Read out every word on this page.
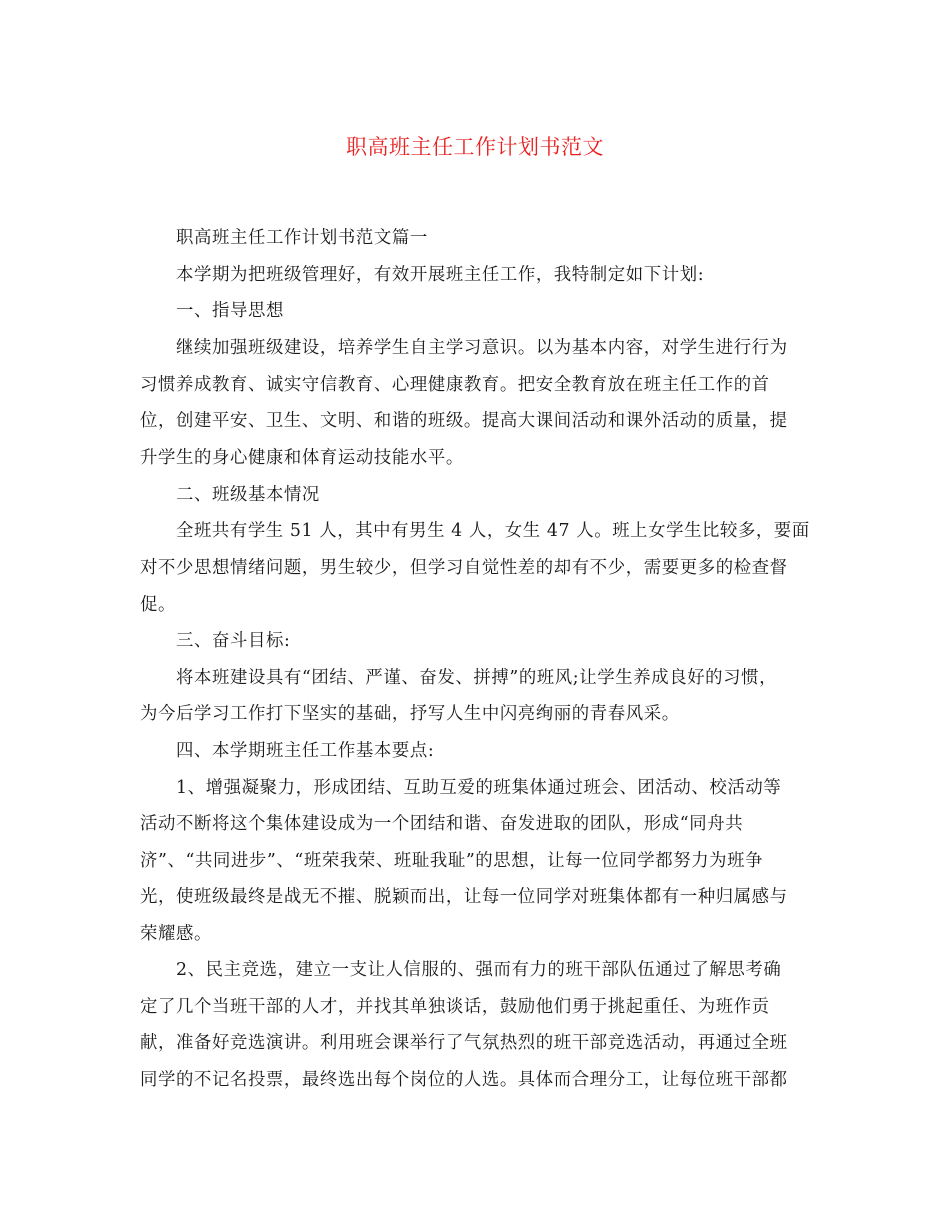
职高班主任工作计划书范文
职高班主任工作计划书范文篇一
本学期为把班级管理好，有效开展班主任工作，我特制定如下计划:
一、指导思想
继续加强班级建设，培养学生自主学习意识。以为基本内容，对学生进行行为
习惯养成教育、诚实守信教育、心理健康教育。把安全教育放在班主任工作的首
位，创建平安、卫生、文明、和谐的班级。提高大课间活动和课外活动的质量，提
升学生的身心健康和体育运动技能水平。
二、班级基本情况
全班共有学生 51 人，其中有男生 4 人，女生 47 人。班上女学生比较多，要面
对不少思想情绪问题，男生较少，但学习自觉性差的却有不少，需要更多的检查督
促。
三、奋斗目标:
将本班建设具有“团结、严谨、奋发、拼搏”的班风;让学生养成良好的习惯，
为今后学习工作打下坚实的基础，抒写人生中闪亮绚丽的青春风采。
四、本学期班主任工作基本要点:
1、增强凝聚力，形成团结、互助互爱的班集体通过班会、团活动、校活动等
活动不断将这个集体建设成为一个团结和谐、奋发进取的团队，形成“同舟共
济”、“共同进步”、“班荣我荣、班耻我耻”的思想，让每一位同学都努力为班争
光，使班级最终是战无不摧、脱颖而出，让每一位同学对班集体都有一种归属感与
荣耀感。
2、民主竞选，建立一支让人信服的、强而有力的班干部队伍通过了解思考确
定了几个当班干部的人才，并找其单独谈话，鼓励他们勇于挑起重任、为班作贡
献，准备好竞选演讲。利用班会课举行了气氛热烈的班干部竞选活动，再通过全班
同学的不记名投票，最终选出每个岗位的人选。具体而合理分工，让每位班干部都
